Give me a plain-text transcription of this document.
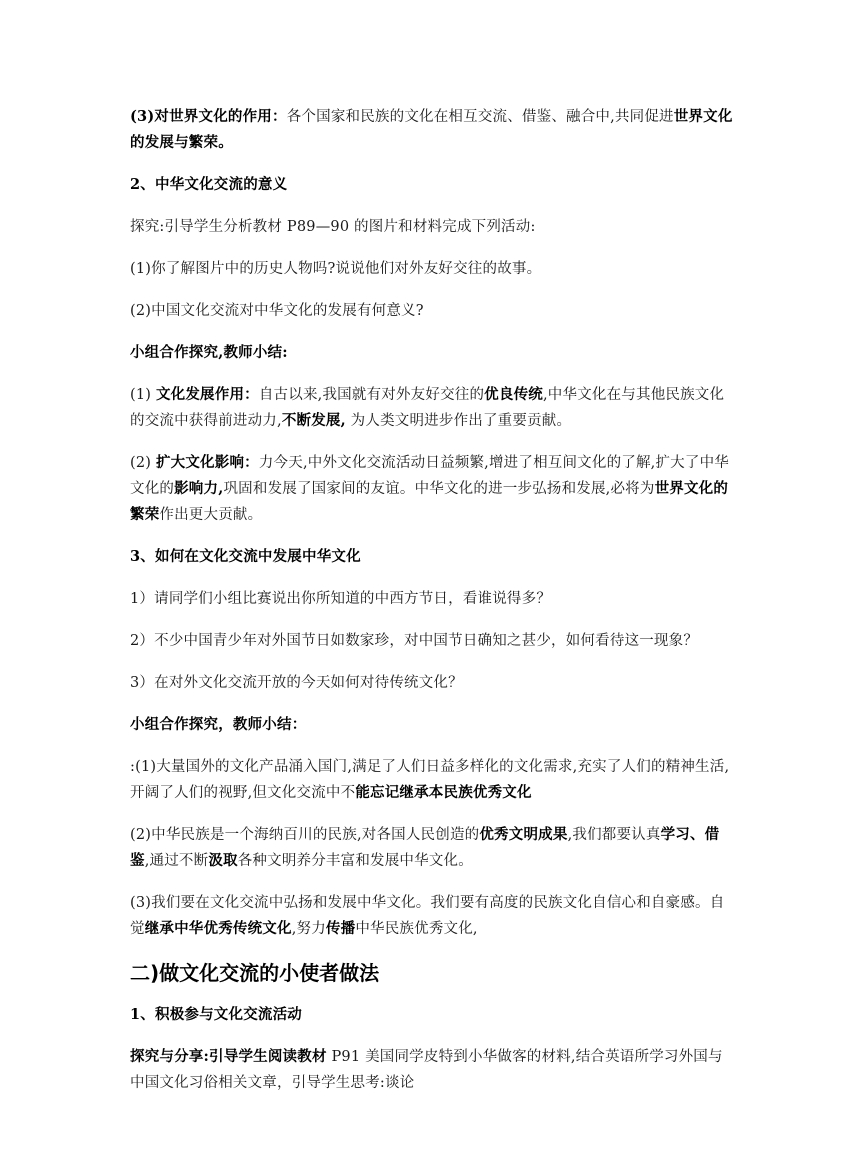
(3)对世界文化的作用：各个国家和民族的文化在相互交流、借鉴、融合中,共同促进世界文化的发展与繁荣。

2、中华文化交流的意义

探究:引导学生分析教材 P89—90 的图片和材料完成下列活动:

(1)你了解图片中的历史人物吗?说说他们对外友好交往的故事。

(2)中国文化交流对中华文化的发展有何意义?

小组合作探究,教师小结:

(1) 文化发展作用：自古以来,我国就有对外友好交往的优良传统,中华文化在与其他民族文化的交流中获得前进动力,不断发展, 为人类文明进步作出了重要贡献。

(2) 扩大文化影响：力今天,中外文化交流活动日益频繁,增进了相互间文化的了解,扩大了中华文化的影响力,巩固和发展了国家间的友谊。中华文化的进一步弘扬和发展,必将为世界文化的繁荣作出更大贡献。

3、如何在文化交流中发展中华文化

1）请同学们小组比赛说出你所知道的中西方节日，看谁说得多？

2）不少中国青少年对外国节日如数家珍，对中国节日确知之甚少，如何看待这一现象？

3）在对外文化交流开放的今天如何对待传统文化？

小组合作探究，教师小结：

:(1)大量国外的文化产品涌入国门,满足了人们日益多样化的文化需求,充实了人们的精神生活,开阔了人们的视野,但文化交流中不能忘记继承本民族优秀文化

(2)中华民族是一个海纳百川的民族,对各国人民创造的优秀文明成果,我们都要认真学习、借鉴,通过不断汲取各种文明养分丰富和发展中华文化。

(3)我们要在文化交流中弘扬和发展中华文化。我们要有高度的民族文化自信心和自豪感。自觉继承中华优秀传统文化,努力传播中华民族优秀文化,

二)做文化交流的小使者做法

1、积极参与文化交流活动

探究与分享:引导学生阅读教材 P91 美国同学皮特到小华做客的材料,结合英语所学习外国与中国文化习俗相关文章，引导学生思考:谈论
